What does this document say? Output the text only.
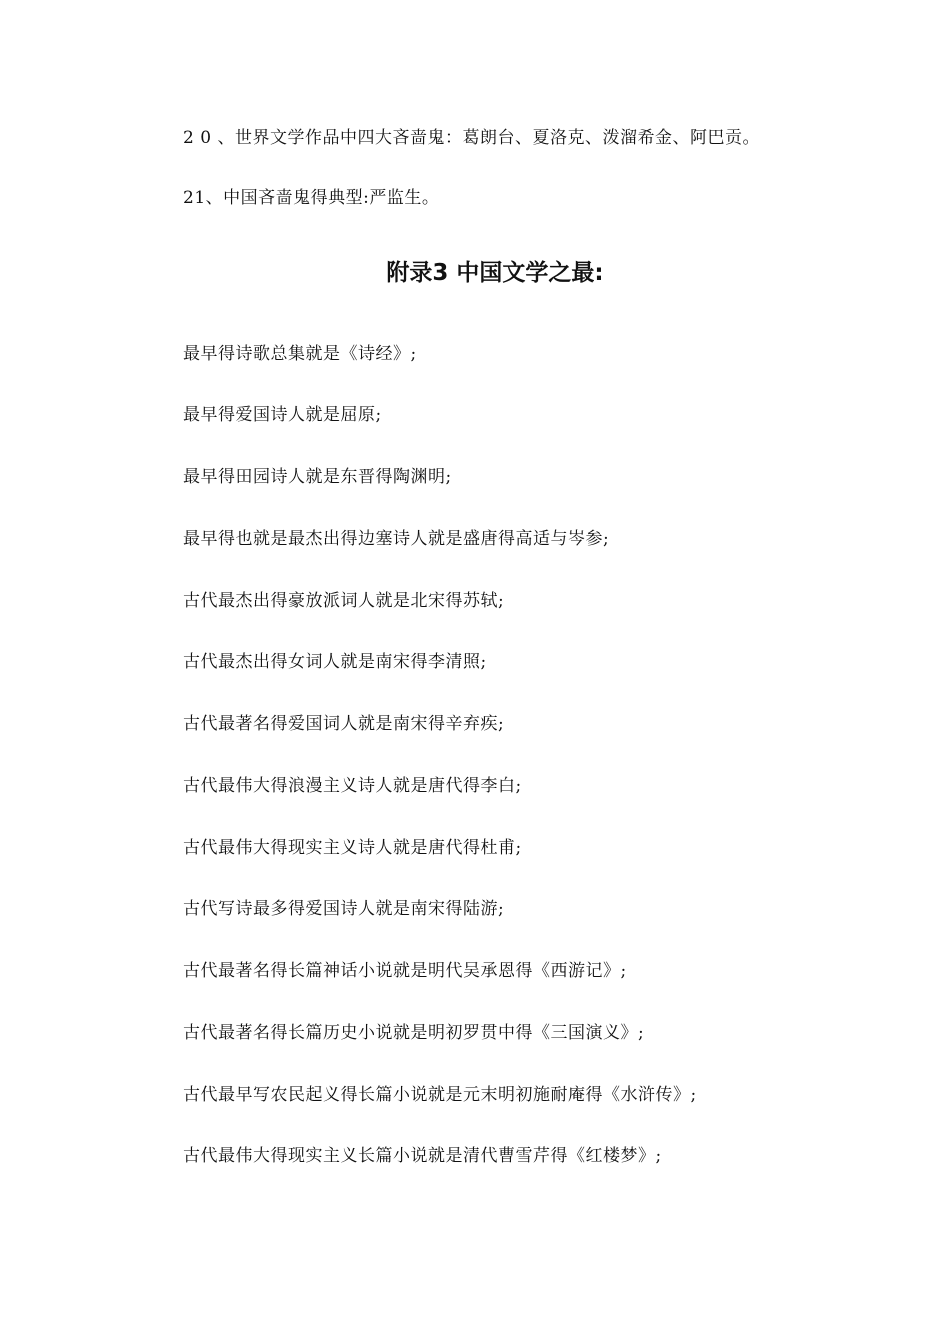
2 0 、世界文学作品中四大吝啬鬼：葛朗台、夏洛克、泼溜希金、阿巴贡。
21、中国吝啬鬼得典型:严监生。
附录3 中国文学之最:
最早得诗歌总集就是《诗经》;
最早得爱国诗人就是屈原;
最早得田园诗人就是东晋得陶渊明;
最早得也就是最杰出得边塞诗人就是盛唐得高适与岑参;
古代最杰出得豪放派词人就是北宋得苏轼;
古代最杰出得女词人就是南宋得李清照;
古代最著名得爱国词人就是南宋得辛弃疾;
古代最伟大得浪漫主义诗人就是唐代得李白;
古代最伟大得现实主义诗人就是唐代得杜甫;
古代写诗最多得爱国诗人就是南宋得陆游;
古代最著名得长篇神话小说就是明代吴承恩得《西游记》;
古代最著名得长篇历史小说就是明初罗贯中得《三国演义》;
古代最早写农民起义得长篇小说就是元末明初施耐庵得《水浒传》;
古代最伟大得现实主义长篇小说就是清代曹雪芹得《红楼梦》;
